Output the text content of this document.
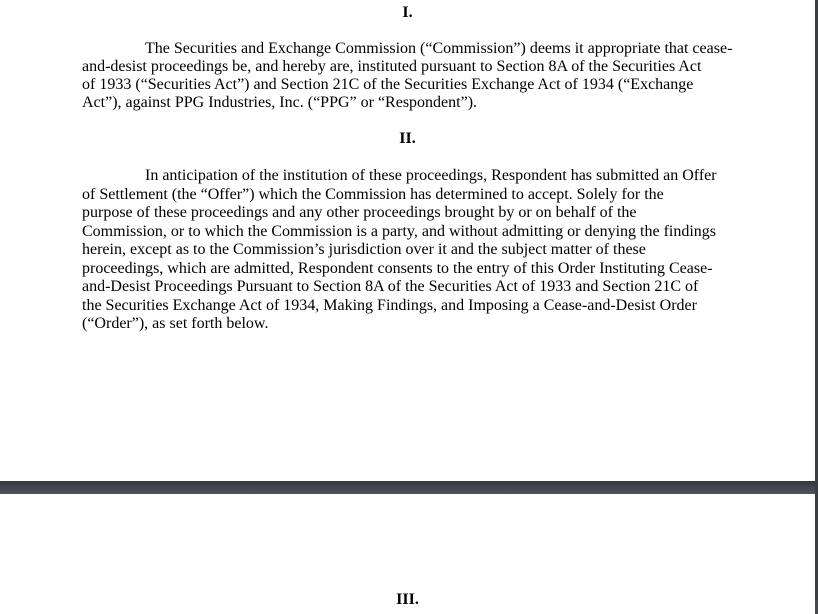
I.
The Securities and Exchange Commission (“Commission”) deems it appropriate that cease-
and-desist proceedings be, and hereby are, instituted pursuant to Section 8A of the Securities Act
of 1933 (“Securities Act”) and Section 21C of the Securities Exchange Act of 1934 (“Exchange
Act”), against PPG Industries, Inc. (“PPG” or “Respondent”).
II.
In anticipation of the institution of these proceedings, Respondent has submitted an Offer
of Settlement (the “Offer”) which the Commission has determined to accept. Solely for the
purpose of these proceedings and any other proceedings brought by or on behalf of the
Commission, or to which the Commission is a party, and without admitting or denying the findings
herein, except as to the Commission’s jurisdiction over it and the subject matter of these
proceedings, which are admitted, Respondent consents to the entry of this Order Instituting Cease-
and-Desist Proceedings Pursuant to Section 8A of the Securities Act of 1933 and Section 21C of
the Securities Exchange Act of 1934, Making Findings, and Imposing a Cease-and-Desist Order
(“Order”), as set forth below.
III.
